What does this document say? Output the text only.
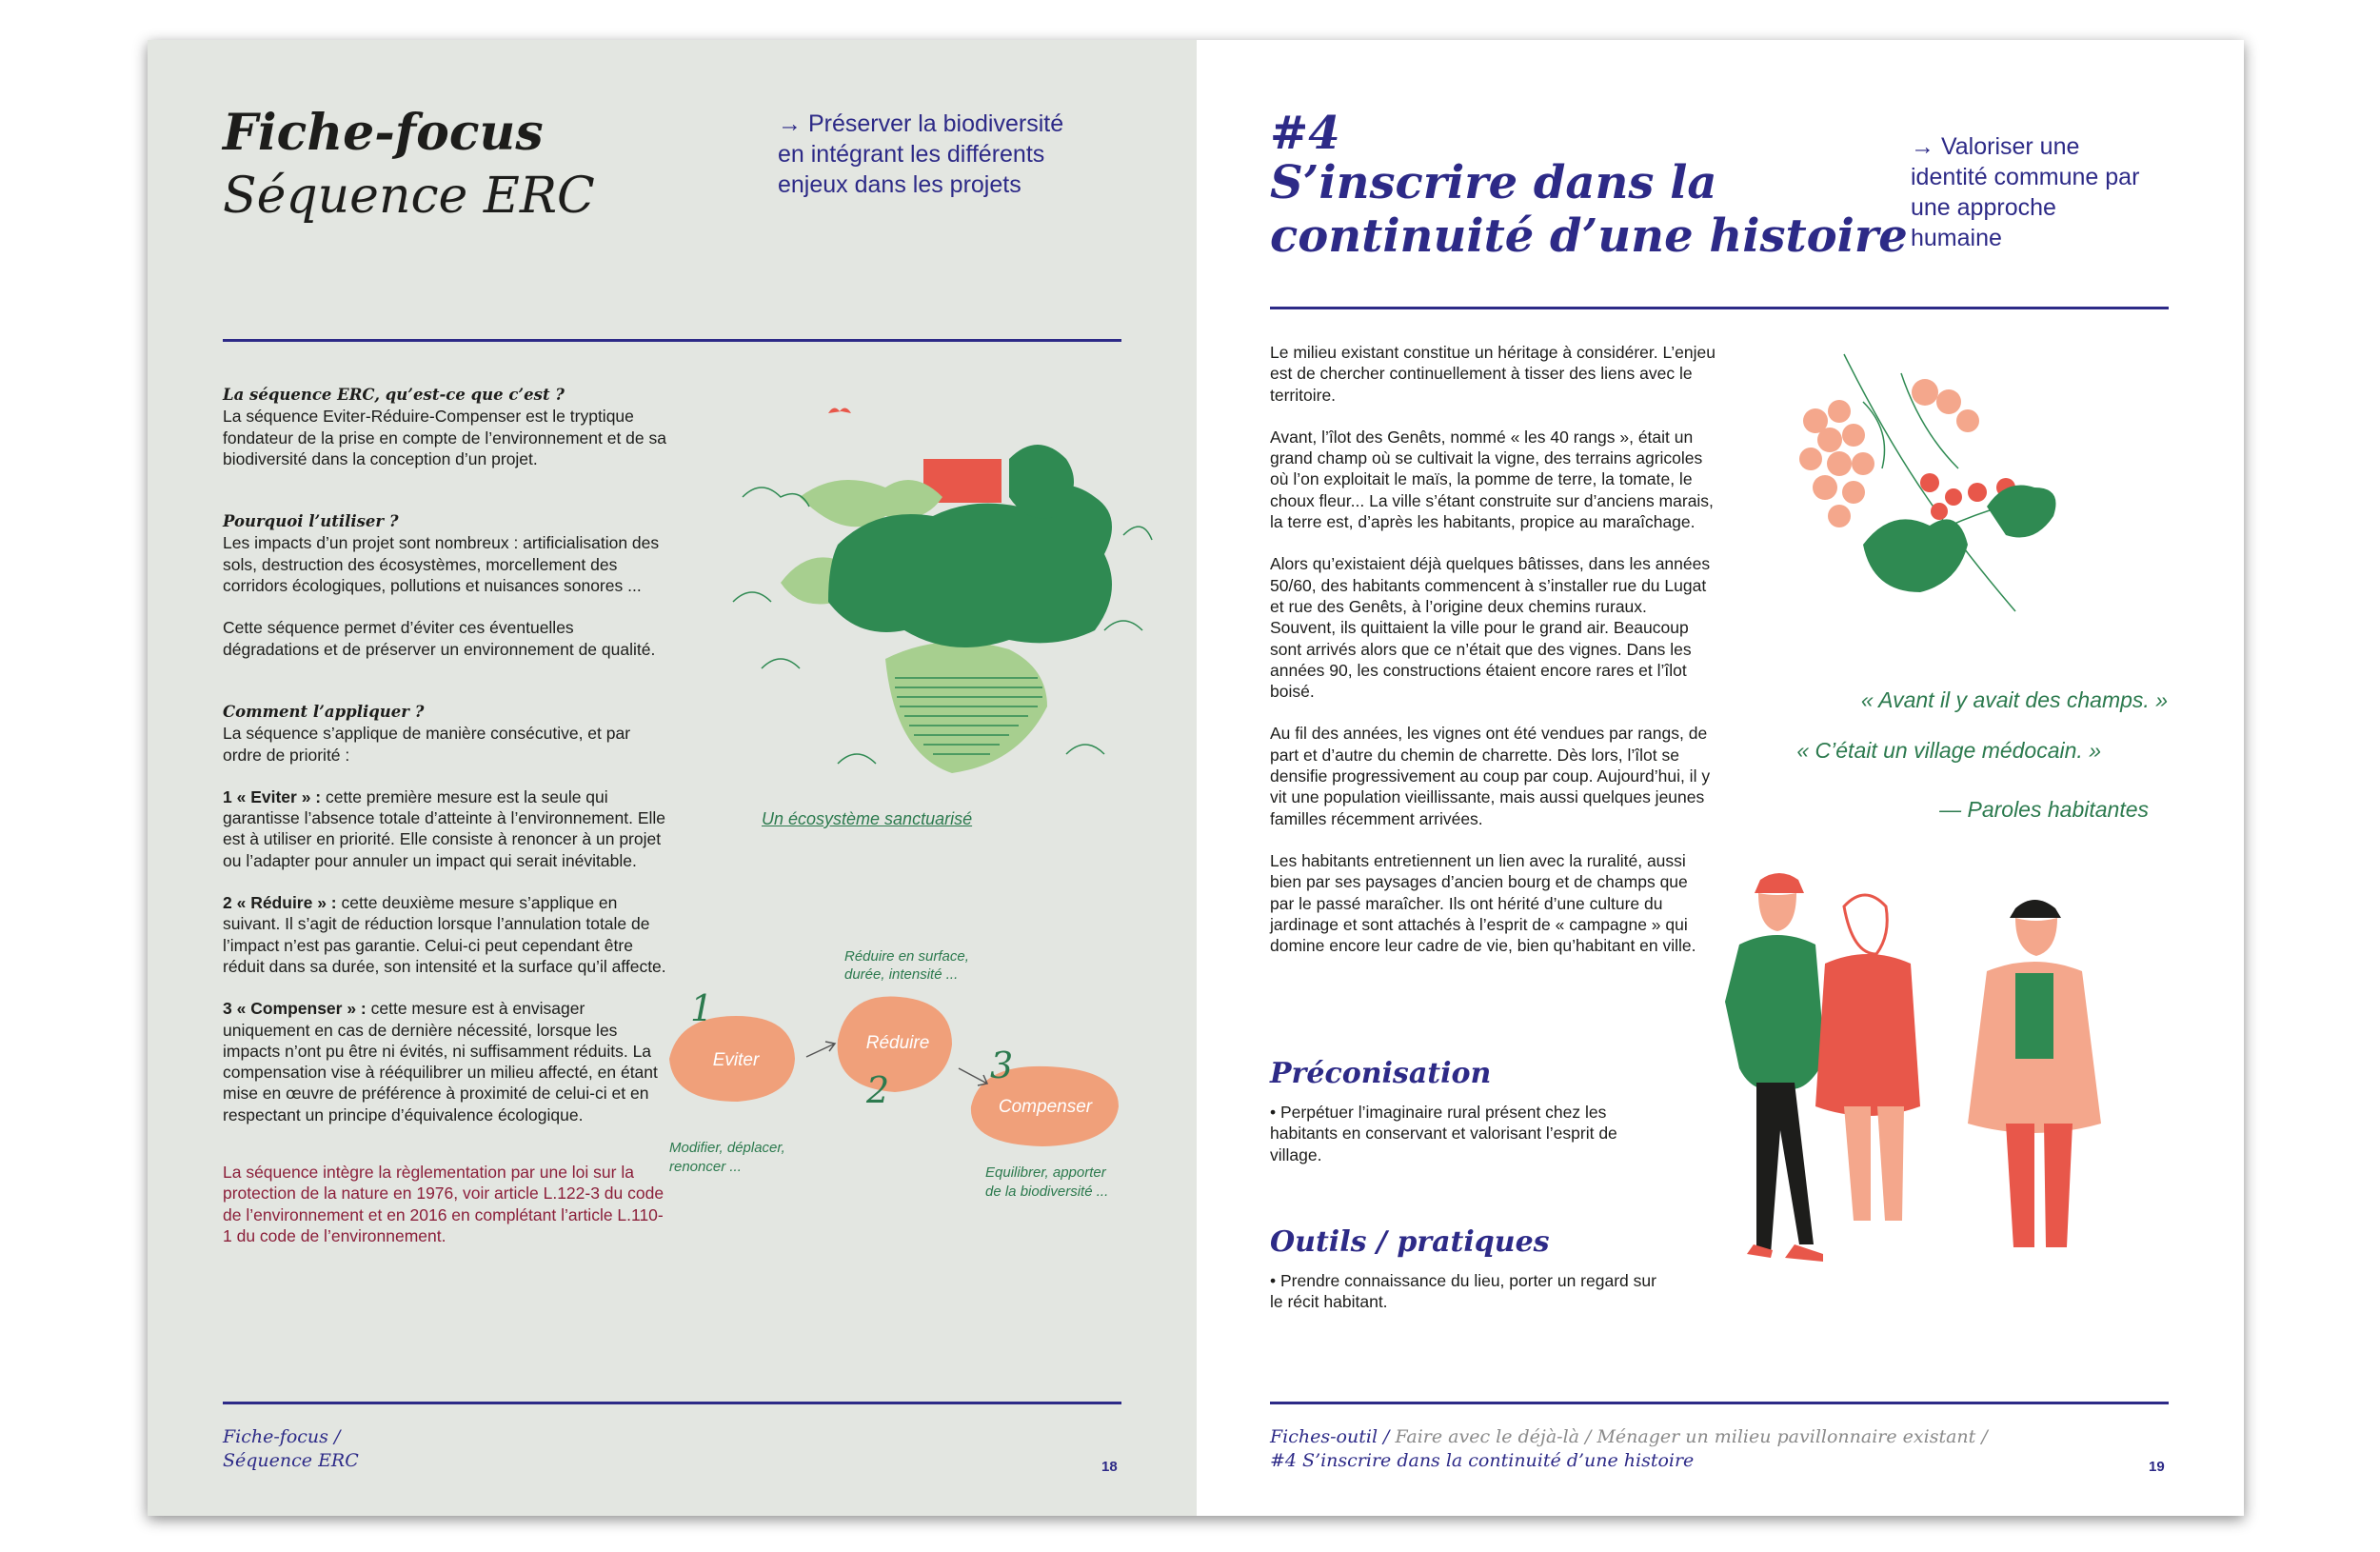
Fiche-focus
Séquence ERC
→ Préserver la biodiversité en intégrant les différents enjeux dans les projets

La séquence ERC, qu’est-ce que c’est ?

La séquence Eviter-Réduire-Compenser est le tryptique fondateur de la prise en compte de l’environnement et de sa biodiversité dans la conception d’un projet.

Pourquoi l’utiliser ?

Les impacts d’un projet sont nombreux : artificialisation des sols, destruction des écosystèmes, morcellement des corridors écologiques, pollutions et nuisances sonores ...

Cette séquence permet d’éviter ces éventuelles dégradations et de préserver un environnement de qualité.

Comment l’appliquer ?

La séquence s’applique de manière consécutive, et par ordre de priorité :

1 « Eviter » : cette première mesure est la seule qui garantisse l’absence totale d’atteinte à l’environnement. Elle est à utiliser en priorité. Elle consiste à renoncer à un projet ou l’adapter pour annuler un impact qui serait inévitable.

2 « Réduire » : cette deuxième mesure s’applique en suivant. Il s’agit de réduction lorsque l’annulation totale de l’impact n’est pas garantie. Celui-ci peut cependant être réduit dans sa durée, son intensité et la surface qu’il affecte.

3 « Compenser » : cette mesure est à envisager uniquement en cas de dernière nécessité, lorsque les impacts n’ont pu être ni évités, ni suffisamment réduits. La compensation vise à rééquilibrer un milieu affecté, en étant mise en œuvre de préférence à proximité de celui-ci et en respectant un principe d’équivalence écologique.

La séquence intègre la règlementation par une loi sur la protection de la nature en 1976, voir article L.122-3 du code de l’environnement et en 2016 en complétant l’article L.110-1 du code de l’environnement.

Un écosystème sanctuarisé
1
2
3
Eviter
Réduire
Compenser
Réduire en surface,
durée, intensité ...
Modifier, déplacer,
renoncer ...	Equilibrer, apporter
de la biodiversité ...
Fiche-focus /
Séquence ERC	18
#4
S’inscrire dans la continuité d’une histoire
→ Valoriser une identité commune par une approche humaine

Le milieu existant constitue un héritage à considérer. L’enjeu est de chercher continuellement à tisser des liens avec le territoire.

Avant, l’îlot des Genêts, nommé « les 40 rangs », était un grand champ où se cultivait la vigne, des terrains agricoles où l’on exploitait le maïs, la pomme de terre, la tomate, le choux fleur... La ville s’étant construite sur d’anciens marais, la terre est, d’après les habitants, propice au maraîchage.

Alors qu’existaient déjà quelques bâtisses, dans les années 50/60, des habitants commencent à s’installer rue du Lugat et rue des Genêts, à l’origine deux chemins ruraux. Souvent, ils quittaient la ville pour le grand air. Beaucoup sont arrivés alors que ce n’était que des vignes. Dans les années 90, les constructions étaient encore rares et l’îlot boisé.

Au fil des années, les vignes ont été vendues par rangs, de part et d’autre du chemin de charrette. Dès lors, l’îlot se densifie progressivement au coup par coup. Aujourd’hui, il y vit une population vieillissante, mais aussi quelques jeunes familles récemment arrivées.

Les habitants entretiennent un lien avec la ruralité, aussi bien par ses paysages d’ancien bourg et de champs que par le passé maraîcher. Ils ont hérité d’une culture du jardinage et sont attachés à l’esprit de « campagne » qui domine encore leur cadre de vie, bien qu’habitant en ville.

Préconisation
• Perpétuer l’imaginaire rural présent chez les habitants en conservant et valorisant l’esprit de village.
Outils / pratiques
• Prendre connaissance du lieu, porter un regard sur le récit habitant.
« Avant il y avait des champs. »
« C’était un village médocain. »
— Paroles habitantes
Fiches-outil / Faire avec le déjà-là / Ménager un milieu pavillonnaire existant /
#4 S’inscrire dans la continuité d’une histoire	19
